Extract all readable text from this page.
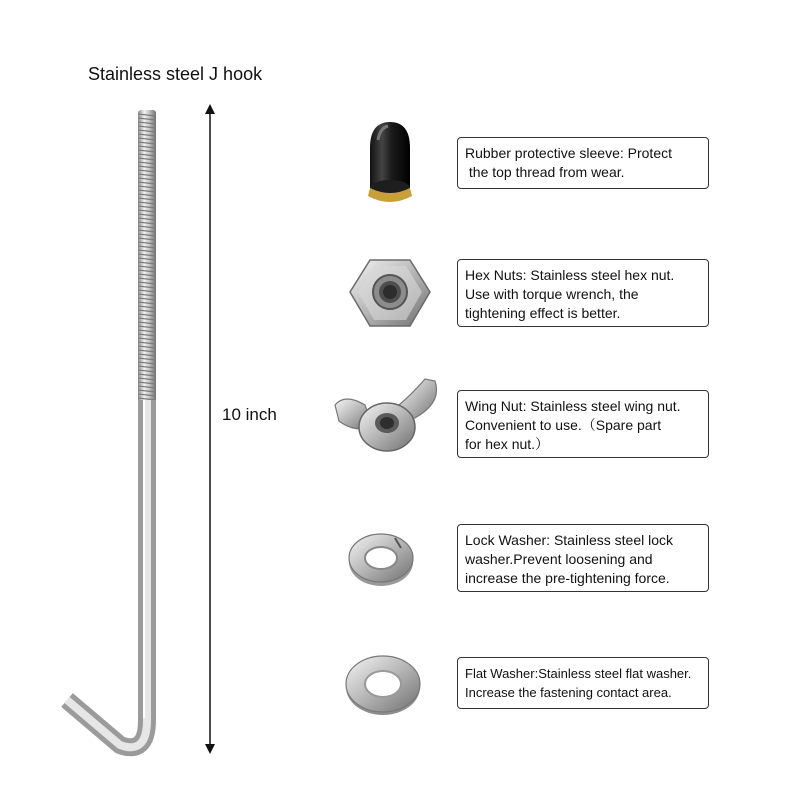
Stainless steel J hook
10 inch
Rubber protective sleeve: Protect
the top thread from wear.
Hex Nuts: Stainless steel hex nut.
Use with torque wrench, the
tightening effect is better.
Wing Nut: Stainless steel wing nut.
Convenient to use.（Spare part
for hex nut.）
Lock Washer: Stainless steel lock
washer.Prevent loosening and
increase the pre-tightening force.
Flat Washer:Stainless steel flat washer.
Increase the fastening contact area.
